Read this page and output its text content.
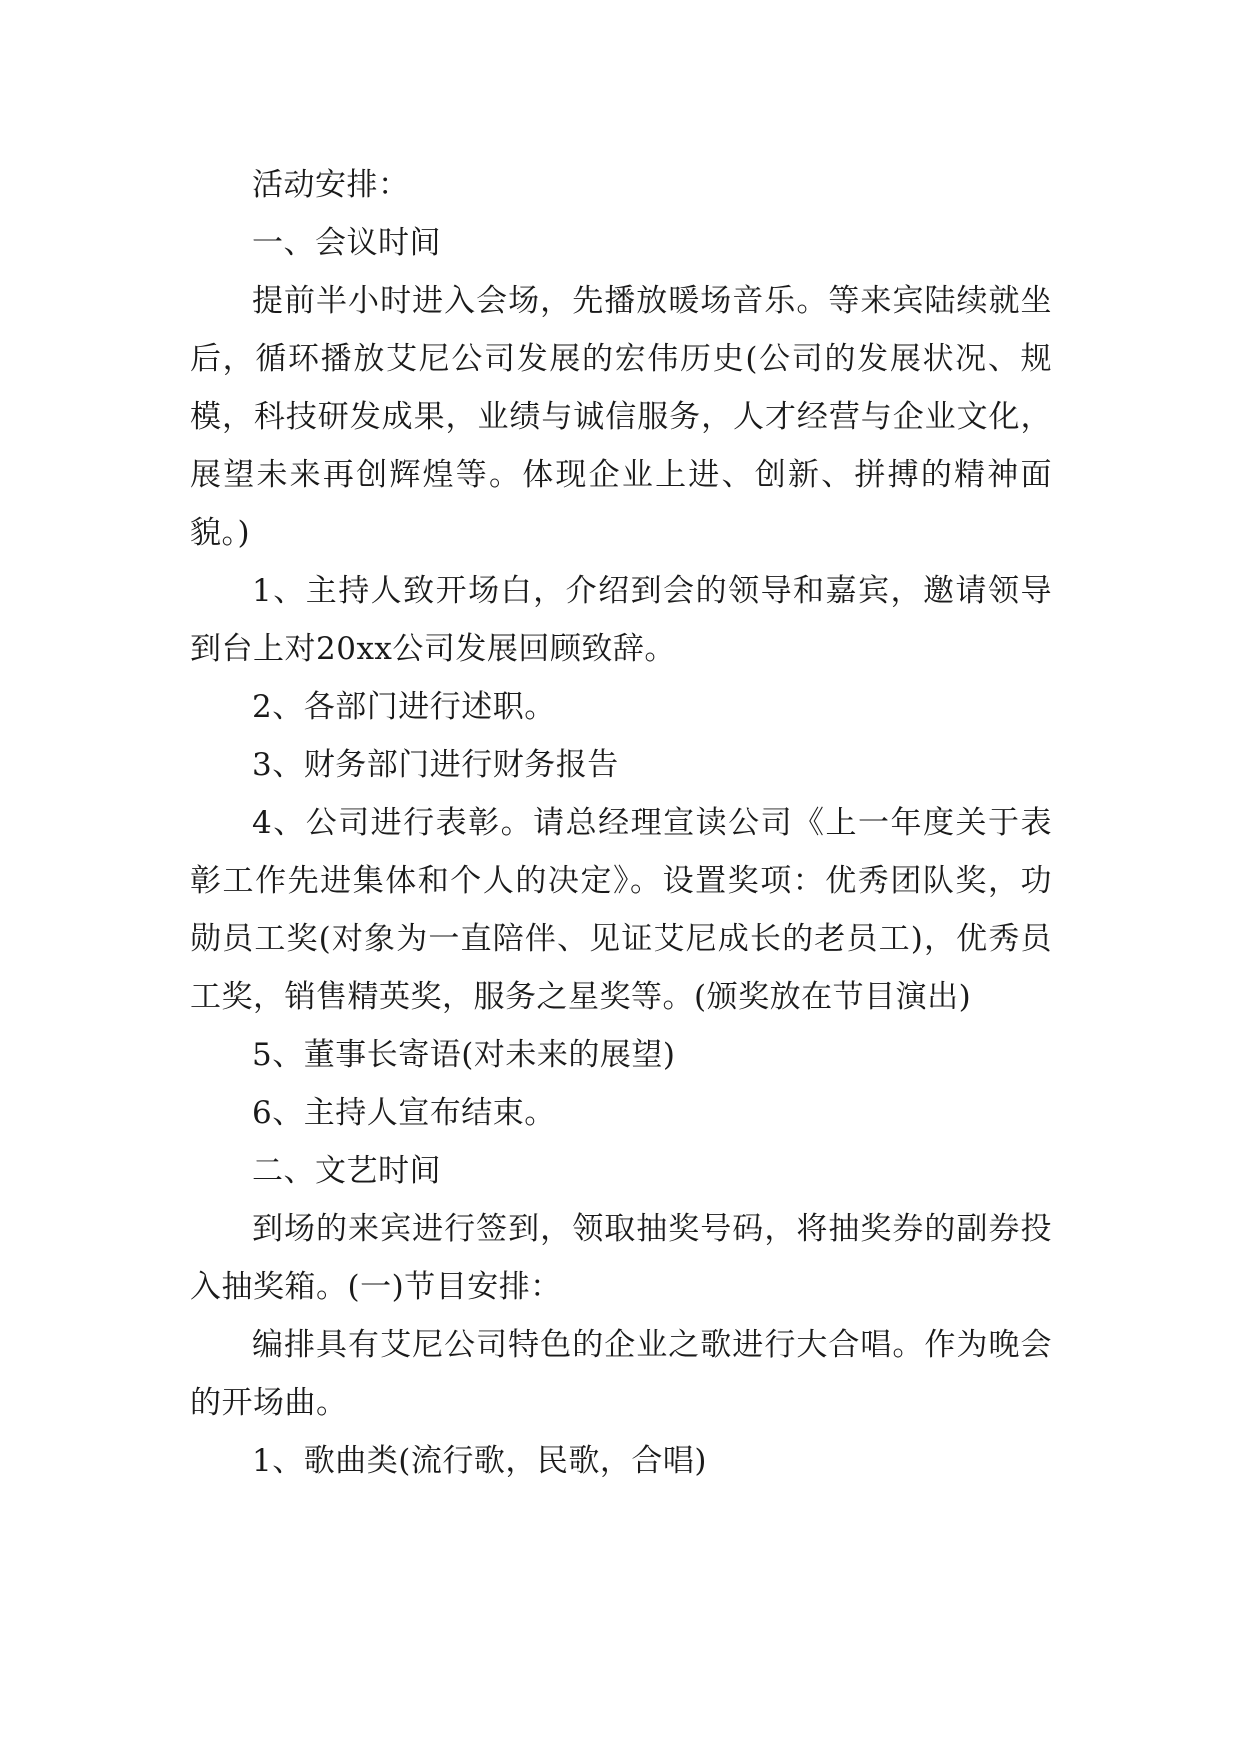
活动安排：

一、会议时间

提前半小时进入会场，先播放暖场音乐。等来宾陆续就坐后，循环播放艾尼公司发展的宏伟历史(公司的发展状况、规模，科技研发成果，业绩与诚信服务，人才经营与企业文化，展望未来再创辉煌等。体现企业上进、创新、拼搏的精神面貌。)

1、主持人致开场白，介绍到会的领导和嘉宾，邀请领导到台上对20xx公司发展回顾致辞。

2、各部门进行述职。

3、财务部门进行财务报告

4、公司进行表彰。请总经理宣读公司《上一年度关于表彰工作先进集体和个人的决定》。设置奖项：优秀团队奖，功勋员工奖(对象为一直陪伴、见证艾尼成长的老员工)，优秀员工奖，销售精英奖，服务之星奖等。(颁奖放在节目演出)

5、董事长寄语(对未来的展望)

6、主持人宣布结束。

二、文艺时间

到场的来宾进行签到，领取抽奖号码，将抽奖券的副券投入抽奖箱。(一)节目安排：

编排具有艾尼公司特色的企业之歌进行大合唱。作为晚会的开场曲。

1、歌曲类(流行歌，民歌，合唱)
